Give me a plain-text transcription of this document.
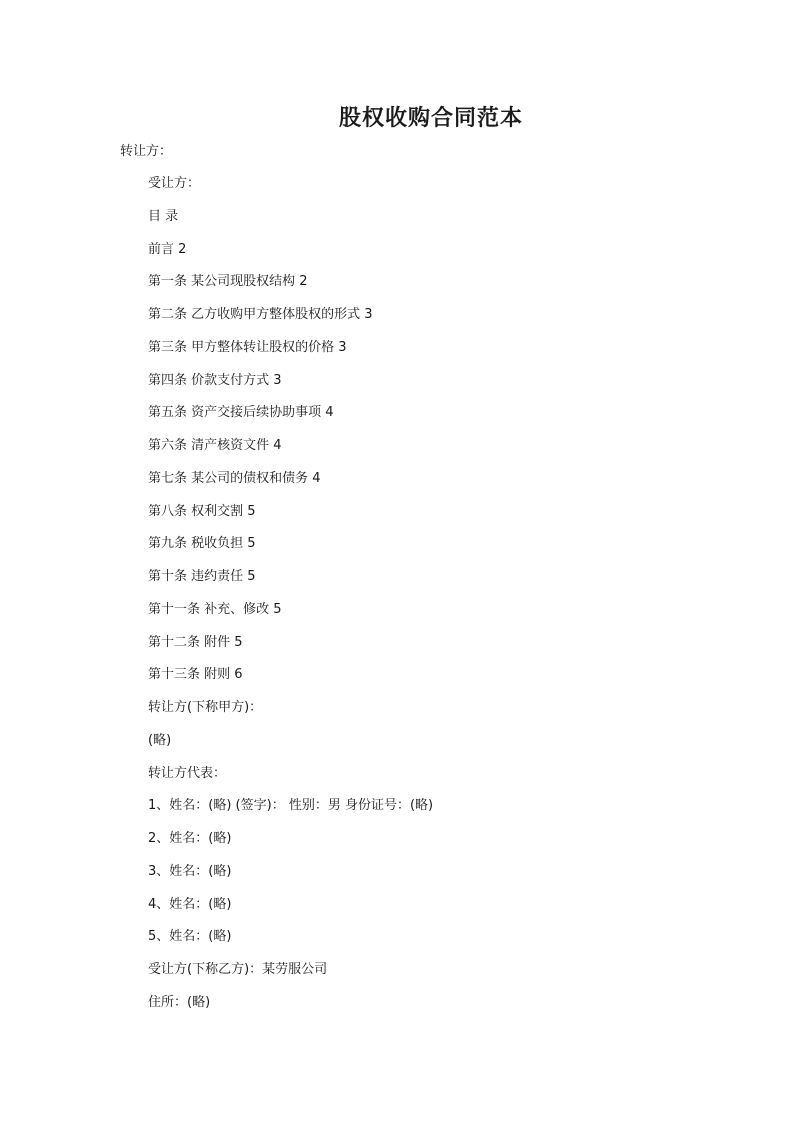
股权收购合同范本

转让方：

受让方：
目 录
前言 2
第一条 某公司现股权结构 2
第二条 乙方收购甲方整体股权的形式 3
第三条 甲方整体转让股权的价格 3
第四条 价款支付方式 3
第五条 资产交接后续协助事项 4
第六条 清产核资文件 4
第七条 某公司的债权和债务 4
第八条 权利交割 5
第九条 税收负担 5
第十条 违约责任 5
第十一条 补充、修改 5
第十二条 附件 5
第十三条 附则 6
转让方(下称甲方)：
(略)
转让方代表：
1、姓名：(略) (签字)： 性别：男 身份证号：(略)
2、姓名：(略)
3、姓名：(略)
4、姓名：(略)
5、姓名：(略)
受让方(下称乙方)：某劳服公司
住所：(略)
